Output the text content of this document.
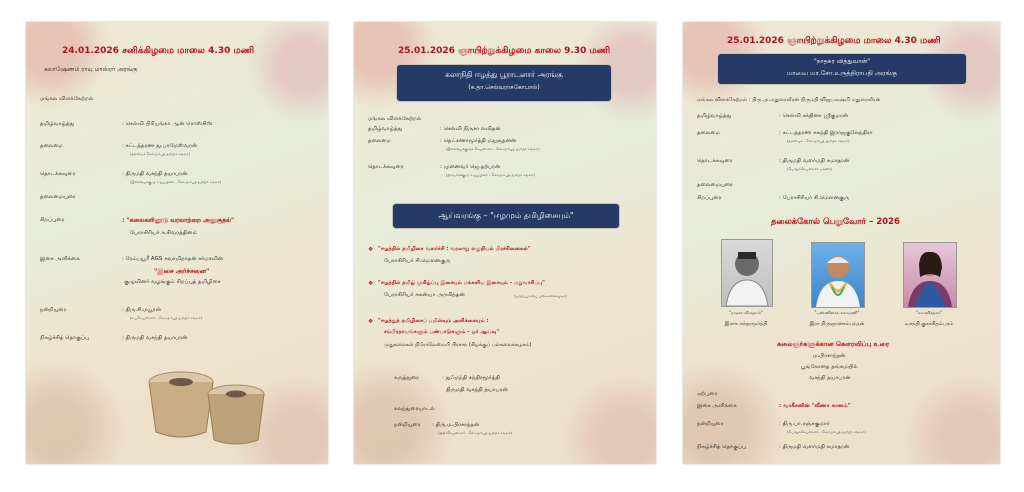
24.01.2026 சனிக்கிழமை மாலை 4.30 மணி
கலாஷேணம் ராயு மாஸ்ரர் அரங்கு
மங்கல விளக்கேற்றல்
தமிழ்வாழ்த்து	: செல்வி பிரியங்கா ஆன் ரொஸ்சிஸ்
தலைமை	: சட்டத்தரண து.பரமேஸ்வரன்
(தலைவர் கொழும்புத் தமிழ்ச் சங்கம்)
தொடக்கவுரை	: திருமதி வசந்தி தயாபரன்
(இலக்கியக்குழு உறுப்பினர் - கொழும்புத் தமிழ்ச் சங்கம்)
தலைமையுரை
சிறப்புரை	: "கலைகளினூடு வரலாற்றை அனுகுதல்"
பேராசிரியர் சு.சிவரத்தினம்
இசை அளிக்கை	: ரேம்பயூரீ AGS சுவாமிநாதன் சர்மாவின்
"இசை அர்ச்சனை"
குழுவினர் வழங்கும் சிறப்புத் தமிழிசை
நன்றியுரை	: திரு.சி.மயூரன்
(உபசெயலாளர் - கொழும்புத் தமிழ்ச் சங்கம்)
நிகழ்ச்சித் தொகுப்பு	: திருமதி வசந்தி தயாபரன்
25.01.2026 ஞாயிற்றுக்கிழமை காலை 9.30 மணி
கலாநிதி ஈழத்து பூராடனார் அரங்கு
(க.தா.செல்வராசகோபால்)
மங்கல விளக்கேற்றல்
தமிழ்வாழ்த்து	: செல்வி நிருசா லவிதன்
தலைமை	: தெட்சணாமூர்த்தி மதுசூதனன்
(இலக்கியக்குழுச் செயலாளர் - கொழும்புத் தமிழ்ச் சங்கம்)
தொடக்கவுரை	: முனைவர் ஜெ.தற்பரன்
(நிர்வாகக்குழு உறுப்பினர் - கொழும்புத் தமிழ்ச் சங்கம்)
ஆய்வரங்கு – "ஈழமும் தமிழிசையும்"
❖ "ஈழத்தில் தமிழிசை வளர்ச்சி : வரலாறு எழுதியல் பிரச்சினைகள்"
பேராசிரியர் சி.மௌனகுரு
❖ "ஈழத்தில் தமிழ் முகிழ்ப்பு இசையும் மக்களிய இசையும் – மறுவாசிப்பு"
பேராசிரியர் சுகன்யா அரவிந்தன்	(யாழ்ப்பாணப் பல்கலைக்கழகம்)
❖ "ஈழத்துத் தமிழிசைப் பயில்வும் அளிக்கையும் :
சம்பிரதாயங்களும் பண்பாடுகளும் – ஓர் ஆய்வு"
முதுகலைகள் நிரோலெஸ்வரி பிரசாந் (கிழக்குப் பல்கலைக்கழகம்)
கருத்துரை	: நுஃமந்தி சந்திரமூர்த்தி
திருமதி வசந்தி தயாபரன்
கலந்துரையாடல்
நன்றியுரை : திரு.ம.பிரசாந்தன்
(நிதிச்செயலாளர் - கொழும்புத் தமிழ்ச் சங்கம்)
25.01.2026 ஞாயிற்றுக்கிழமை மாலை 4.30 மணி
"நாதசுர வித்துவான்"
மாவை மா.சோ.உருத்திராபதி அரங்கு
மங்கல விளக்கேற்றல் : திரு.அ.மதுரைவீரன் திருமதி விஜயலஷ்மி மதுரைவீரன்
தமிழ்வாழ்த்து	: செல்வி சக்தினா ஸ்ரீகுமரன்
தலைமை	: சட்டத்தரண சுகந்தி இராஜகுலேந்திரா
(தலைவர் - கொழும்புத் தமிழ்ச் சங்கம்)
தொடக்கவுரை	: திருமதி வளர்மதி சுமாதரன்
(பொதுச்செயலாளர் மகளிர்)
தலைமையுரை
சிறப்புரை	: பேராசிரியர் சி.மௌனகுரு
தலைக்கோல் பெறுவோர் – 2026
"நாதசுர விருதகம்"	"பண்ணிசைக் கலாமணி"	"கலாவித்தகர்"
இராசு சுந்தரமூர்த்தி	இரா திருஞானசம்பந்தன்	வசந்தி குகச்சிதம்பரம்
கலைஞர்களுக்கான கௌரவிப்பு உரை
ம.பிரசாந்தன்
பூங்கோதை தங்கமயில்
வசந்தி தயாபரன்
ஏற்புரை
இசை அளிக்கை	: வாகீசனின் "வீணா கானம்"
நன்றியுரை	: திரு.பா.ரஞ்சகுமார்
(பொதுச்செயலாளர் - கொழும்புத் தமிழ்ச் சங்கம்)
நிகழ்ச்சித் தொகுப்பு	: திருமதி வளர்மதி சுமாதரன்
